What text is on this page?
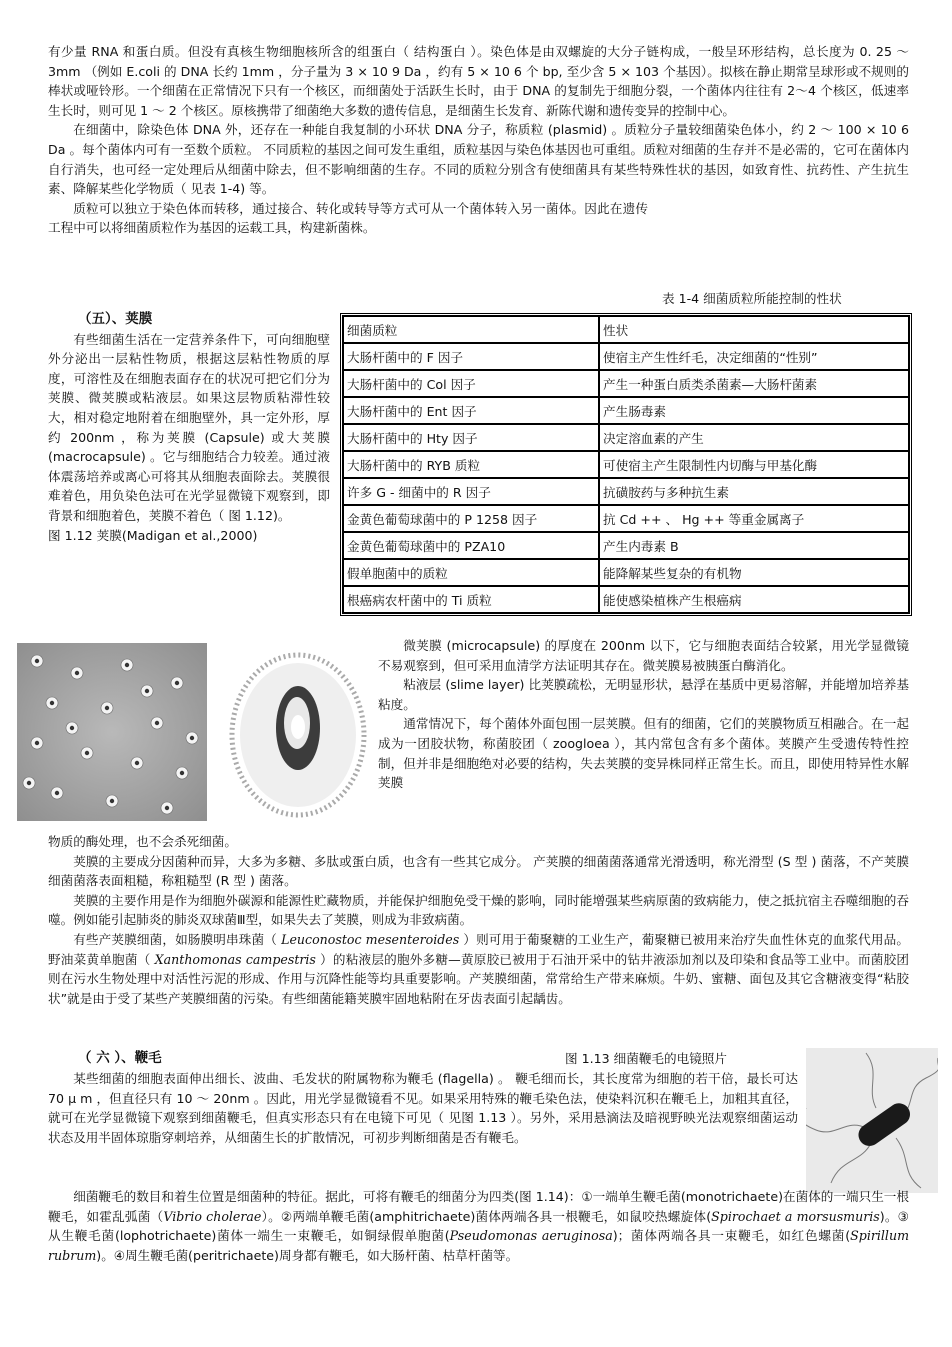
有少量 RNA 和蛋白质。但没有真核生物细胞核所含的组蛋白（ 结构蛋白 ）。染色体是由双螺旋的大分子链构成，一般呈环形结构，总长度为 0. 25 ～ 3mm （例如 E.coli 的 DNA 长约 1mm ，分子量为 3 × 10 9 Da ，约有 5 × 10 6 个 bp, 至少含 5 × 103 个基因）。拟核在静止期常呈球形或不规则的棒状或哑铃形。一个细菌在正常情况下只有一个核区，而细菌处于活跃生长时，由于 DNA 的复制先于细胞分裂，一个菌体内往往有 2～4 个核区，低速率生长时，则可见 1 ～ 2 个核区。原核携带了细菌绝大多数的遗传信息，是细菌生长发育、新陈代谢和遗传变异的控制中心。

在细菌中，除染色体 DNA 外，还存在一种能自我复制的小环状 DNA 分子，称质粒 (plasmid) 。质粒分子量较细菌染色体小，约 2 ～ 100 × 10 6 Da 。每个菌体内可有一至数个质粒。 不同质粒的基因之间可发生重组，质粒基因与染色体基因也可重组。质粒对细菌的生存并不是必需的，它可在菌体内自行消失，也可经一定处理后从细菌中除去，但不影响细菌的生存。不同的质粒分别含有使细菌具有某些特殊性状的基因，如致育性、抗药性、产生抗生素、降解某些化学物质（ 见表 1-4) 等。

质粒可以独立于染色体而转移，通过接合、转化或转导等方式可从一个菌体转入另一菌体。因此在遗传工程中可以将细菌质粒作为基因的运载工具，构建新菌株。

表 1-4 细菌质粒所能控制的性状

（五）、荚膜

有些细菌生活在一定营养条件下，可向细胞壁外分泌出一层粘性物质，根据这层粘性物质的厚度，可溶性及在细胞表面存在的状况可把它们分为荚膜、微荚膜或粘液层。如果这层物质粘滞性较大，相对稳定地附着在细胞壁外，具一定外形，厚约 200nm ，称为荚膜 (Capsule) 或大荚膜 (macrocapsule) 。它与细胞结合力较差。通过液体震荡培养或离心可将其从细胞表面除去。荚膜很难着色，用负染色法可在光学显微镜下观察到，即背景和细胞着色，荚膜不着色（ 图 1.12)。

图 1.12 荚膜(Madigan et al.,2000)

细菌质粒	性状
大肠杆菌中的 F 因子	使宿主产生性纤毛，决定细菌的“性别”
大肠杆菌中的 Col 因子	产生一种蛋白质类杀菌素—大肠杆菌素
大肠杆菌中的 Ent 因子	产生肠毒素
大肠杆菌中的 Hty 因子	决定溶血素的产生
大肠杆菌中的 RYB 质粒	可使宿主产生限制性内切酶与甲基化酶
许多 G - 细菌中的 R 因子	抗磺胺药与多种抗生素
金黄色葡萄球菌中的 P 1258 因子	抗 Cd ++ 、 Hg ++ 等重金属离子
金黄色葡萄球菌中的 PZA10	产生内毒素 B
假单胞菌中的质粒	能降解某些复杂的有机物
根癌病农杆菌中的 Ti 质粒	能使感染植株产生根癌病

微荚膜 (microcapsule) 的厚度在 200nm 以下，它与细胞表面结合较紧，用光学显微镜不易观察到，但可采用血清学方法证明其存在。微荚膜易被胰蛋白酶消化。

粘液层 (slime layer) 比荚膜疏松，无明显形状，悬浮在基质中更易溶解，并能增加培养基粘度。

通常情况下，每个菌体外面包围一层荚膜。但有的细菌，它们的荚膜物质互相融合。在一起成为一团胶状物，称菌胶团（ zoogloea ），其内常包含有多个菌体。荚膜产生受遗传特性控制，但并非是细胞绝对必要的结构，失去荚膜的变异株同样正常生长。而且，即使用特异性水解荚膜

物质的酶处理，也不会杀死细菌。

荚膜的主要成分因菌种而异，大多为多糖、多肽或蛋白质，也含有一些其它成分。 产荚膜的细菌菌落通常光滑透明，称光滑型 (S 型 ) 菌落，不产荚膜细菌菌落表面粗糙，称粗糙型 (R 型 ) 菌落。

荚膜的主要作用是作为细胞外碳源和能源性贮藏物质，并能保护细胞免受干燥的影响，同时能增强某些病原菌的致病能力，使之抵抗宿主吞噬细胞的吞噬。例如能引起肺炎的肺炎双球菌Ⅲ型，如果失去了荚膜，则成为非致病菌。

有些产荚膜细菌，如肠膜明串珠菌（ Leuconostoc mesenteroides ）则可用于葡聚糖的工业生产，葡聚糖已被用来治疗失血性休克的血浆代用品。野油菜黄单胞菌（ Xanthomonas campestris ）的粘液层的胞外多糖—黄原胶已被用于石油开采中的钻井液添加剂以及印染和食品等工业中。而菌胶团则在污水生物处理中对活性污泥的形成、作用与沉降性能等均具重要影响。产荚膜细菌，常常给生产带来麻烦。牛奶、蜜糖、面包及其它含糖液变得“粘胶状”就是由于受了某些产荚膜细菌的污染。有些细菌能籍荚膜牢固地粘附在牙齿表面引起龋齿。

（ 六 ）、鞭毛	图 1.13 细菌鞭毛的电镜照片

某些细菌的细胞表面伸出细长、波曲、毛发状的附属物称为鞭毛 (flagella) 。 鞭毛细而长，其长度常为细胞的若干倍，最长可达 70 μ m ，但直径只有 10 ～ 20nm 。因此，用光学显微镜看不见。如果采用特殊的鞭毛染色法，使染料沉积在鞭毛上，加粗其直径，就可在光学显微镜下观察到细菌鞭毛，但真实形态只有在电镜下可见（ 见图 1.13 ）。另外，采用悬滴法及暗视野映光法观察细菌运动状态及用半固体琼脂穿刺培养，从细菌生长的扩散情况，可初步判断细菌是否有鞭毛。

细菌鞭毛的数目和着生位置是细菌种的特征。据此，可将有鞭毛的细菌分为四类(图 1.14)：①一端单生鞭毛菌(monotrichaete)在菌体的一端只生一根鞭毛，如霍乱弧菌（Vibrio cholerae）。②两端单鞭毛菌(amphitrichaete)菌体两端各具一根鞭毛，如鼠咬热螺旋体(Spirochaet a morsusmuris)。③从生鞭毛菌(lophotrichaete)菌体一端生一束鞭毛，如铜绿假单胞菌(Pseudomonas aeruginosa)；菌体两端各具一束鞭毛，如红色螺菌(Spirillum rubrum)。④周生鞭毛菌(peritrichaete)周身都有鞭毛，如大肠杆菌、枯草杆菌等。
